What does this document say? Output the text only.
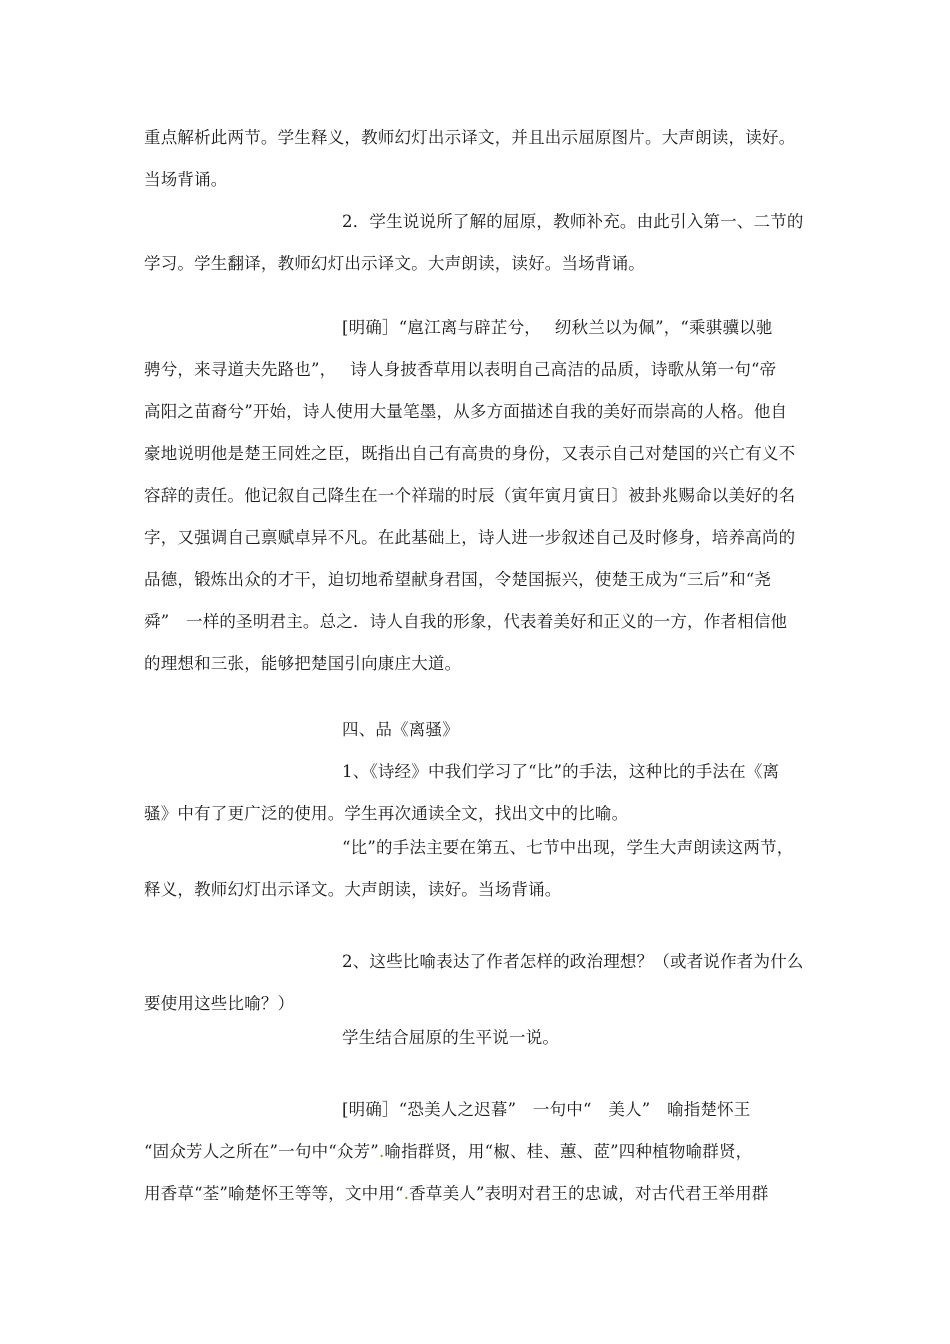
重点解析此两节。学生释义，教师幻灯出示译文，并且出示屈原图片。大声朗读，读好。
当场背诵。
2．学生说说所了解的屈原，教师补充。由此引入第一、二节的
学习。学生翻译，教师幻灯出示译文。大声朗读，读好。当场背诵。
[明确］“扈江离与辟芷兮，　 纫秋兰以为佩”，“乘骐骥以驰
骋兮，来寻道夫先路也”，　 诗人身披香草用以表明自己高洁的品质，诗歌从第一句“帝
高阳之苗裔兮”开始，诗人使用大量笔墨，从多方面描述自我的美好而崇高的人格。他自
豪地说明他是楚王同姓之臣，既指出自己有高贵的身份，又表示自己对楚国的兴亡有义不
容辞的责任。他记叙自己降生在一个祥瑞的时辰（寅年寅月寅日〕被卦兆赐命以美好的名
字，又强调自己禀赋卓异不凡。在此基础上，诗人进一步叙述自己及时修身，培养高尚的
品德，锻炼出众的才干，迫切地希望献身君国，令楚国振兴，使楚王成为“三后”和“尧
舜”　一样的圣明君主。总之．诗人自我的形象，代表着美好和正义的一方，作者相信他
的理想和三张，能够把楚国引向康庄大道。
四、品《离骚》
1、《诗经》中我们学习了“比”的手法，这种比的手法在《离
骚》中有了更广泛的使用。学生再次通读全文，找出文中的比喻。
“比”的手法主要在第五、七节中出现，学生大声朗读这两节，
释义，教师幻灯出示译文。大声朗读，读好。当场背诵。
2、这些比喻表达了作者怎样的政治理想？（或者说作者为什么
要使用这些比喻？）
学生结合屈原的生平说一说。
[明确］“恐美人之迟暮”　一句中“　美人”　喻指楚怀王
“固众芳人之所在”一句中“众芳”.喻指群贤，用“椒、桂、蕙、茝”四种植物喻群贤，
用香草“荃”喻楚怀王等等，文中用“.香草美人”表明对君王的忠诚，对古代君王举用群
